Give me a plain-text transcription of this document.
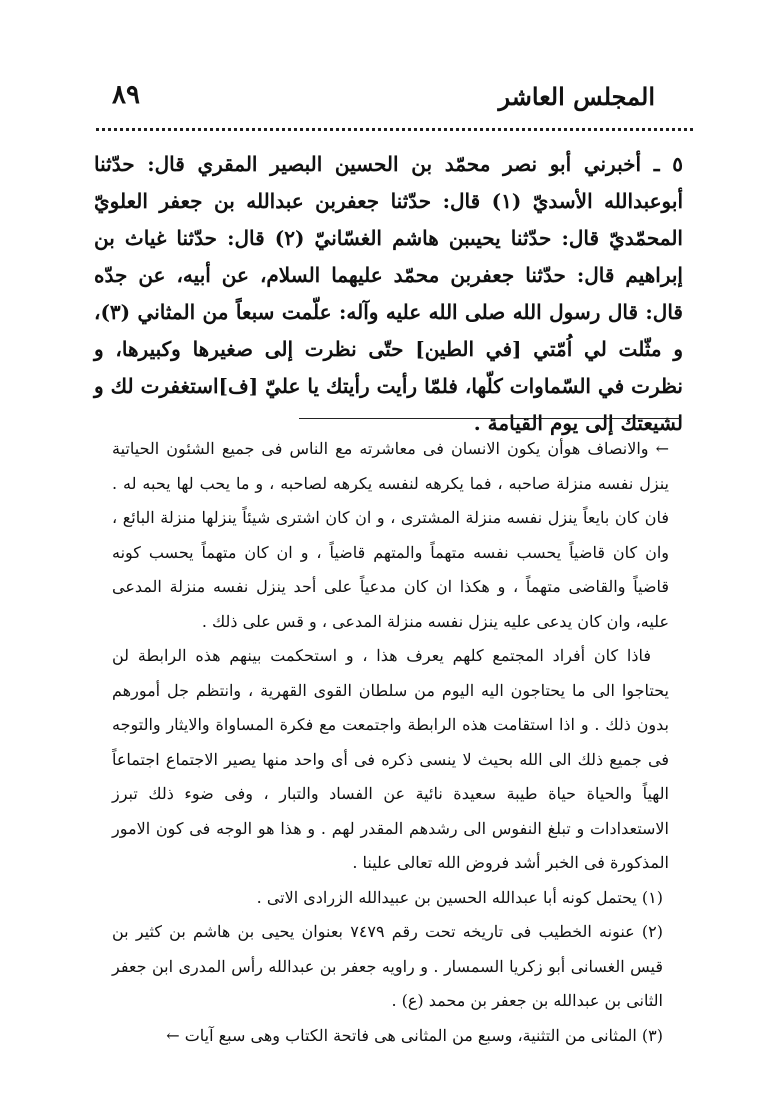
المجلس العاشر
٨٩

٥ ـ أخبرني أبو نصر محمّد بن الحسين البصير المقري قال: حدّثنا أبوعبدالله الأسديّ (١) قال: حدّثنا جعفربن عبدالله بن جعفر العلويّ المحمّديّ قال: حدّثنا يحيىبن هاشم الغسّانيّ (٢) قال: حدّثنا غياث بن إبراهيم قال: حدّثنا جعفربن محمّد عليهما السلام، عن أبيه، عن جدّه قال: قال رسول الله صلى الله عليه وآله: علّمت سبعاً من المثاني (٣)، و مثّلت لي اُمّتي [في الطين] حتّى نظرت إلى صغيرها وكبيرها، و نظرت في السّماوات كلّها، فلمّا رأيت رأيتك يا عليّ [ف]استغفرت لك و لشيعتك إلى يوم القيامة .

← والانصاف هوأن يكون الانسان فى معاشرته مع الناس فى جميع الشئون الحياتية ينزل نفسه منزلة صاحبه ، فما يكرهه لنفسه يكرهه لصاحبه ، و ما يحب لها يحبه له . فان كان بايعاً ينزل نفسه منزلة المشترى ، و ان كان اشترى شيئاً ينزلها منزلة البائع ، وان كان قاضياً يحسب نفسه متهماً والمتهم قاضياً ، و ان كان متهماً يحسب كونه قاضياً والقاضى متهماً ، و هكذا ان كان مدعياً على أحد ينزل نفسه منزلة المدعى عليه، وان كان يدعى عليه ينزل نفسه منزلة المدعى ، و قس على ذلك .

فاذا كان أفراد المجتمع كلهم يعرف هذا ، و استحكمت بينهم هذه الرابطة لن يحتاجوا الى ما يحتاجون اليه اليوم من سلطان القوى القهرية ، وانتظم جل أمورهم بدون ذلك . و اذا استقامت هذه الرابطة واجتمعت مع فكرة المساواة والايثار والتوجه فى جميع ذلك الى الله بحيث لا ينسى ذكره فى أى واحد منها يصير الاجتماع اجتماعاً الهياً والحياة حياة طيبة سعيدة نائية عن الفساد والتبار ، وفى ضوء ذلك تبرز الاستعدادات و تبلغ النفوس الى رشدهم المقدر لهم . و هذا هو الوجه فى كون الامور المذكورة فى الخبر أشد فروض الله تعالى علينا .

(١) يحتمل كونه أبا عبدالله الحسين بن عبيدالله الزرادى الاتى .

(٢) عنونه الخطيب فى تاريخه تحت رقم ٧٤٧٩ بعنوان يحيى بن هاشم بن كثير بن قيس الغسانى أبو زكريا السمسار . و راويه جعفر بن عبدالله رأس المدرى ابن جعفر الثانى بن عبدالله بن جعفر بن محمد (ع) .

(٣) المثانى من التثنية، وسبع من المثانى هى فاتحة الكتاب وهى سبع آيات ←
